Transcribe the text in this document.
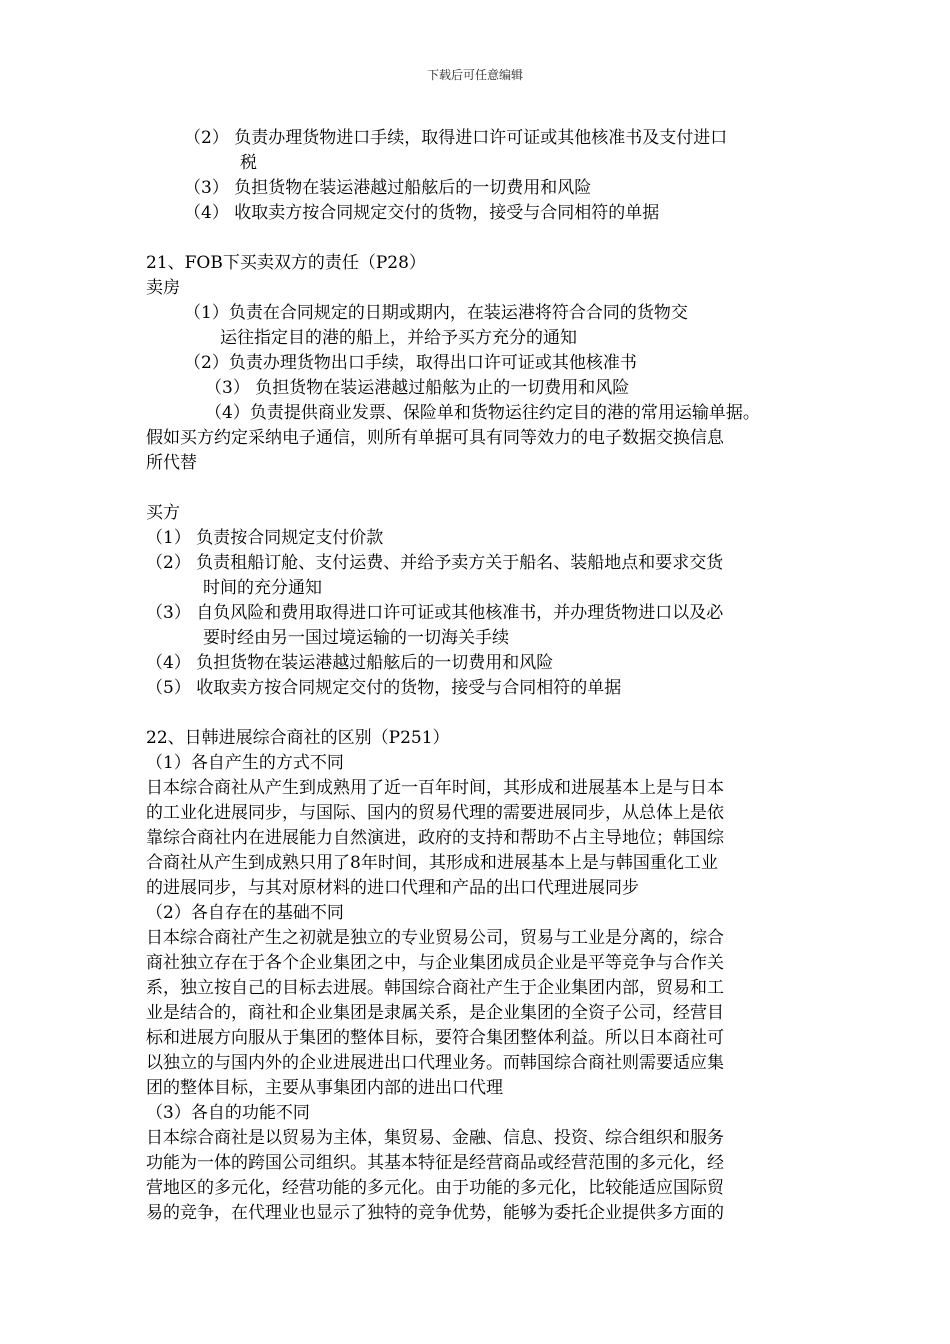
下载后可任意编辑
（2） 负责办理货物进口手续，取得进口许可证或其他核准书及支付进口
税
（3） 负担货物在装运港越过船舷后的一切费用和风险
（4） 收取卖方按合同规定交付的货物，接受与合同相符的单据
21、FOB下买卖双方的责任（P28）
卖房
（1）负责在合同规定的日期或期内，在装运港将符合合同的货物交
运往指定目的港的船上，并给予买方充分的通知
（2）负责办理货物出口手续，取得出口许可证或其他核准书
（3） 负担货物在装运港越过船舷为止的一切费用和风险
（4）负责提供商业发票、保险单和货物运往约定目的港的常用运输单据。
假如买方约定采纳电子通信，则所有单据可具有同等效力的电子数据交换信息
所代替
买方
（1） 负责按合同规定支付价款
（2） 负责租船订舱、支付运费、并给予卖方关于船名、装船地点和要求交货
时间的充分通知
（3） 自负风险和费用取得进口许可证或其他核准书，并办理货物进口以及必
要时经由另一国过境运输的一切海关手续
（4） 负担货物在装运港越过船舷后的一切费用和风险
（5） 收取卖方按合同规定交付的货物，接受与合同相符的单据
22、日韩进展综合商社的区别（P251）
（1）各自产生的方式不同
日本综合商社从产生到成熟用了近一百年时间，其形成和进展基本上是与日本
的工业化进展同步，与国际、国内的贸易代理的需要进展同步，从总体上是依
靠综合商社内在进展能力自然演进，政府的支持和帮助不占主导地位；韩国综
合商社从产生到成熟只用了8年时间，其形成和进展基本上是与韩国重化工业
的进展同步，与其对原材料的进口代理和产品的出口代理进展同步
（2）各自存在的基础不同
日本综合商社产生之初就是独立的专业贸易公司，贸易与工业是分离的，综合
商社独立存在于各个企业集团之中，与企业集团成员企业是平等竞争与合作关
系，独立按自己的目标去进展。韩国综合商社产生于企业集团内部，贸易和工
业是结合的，商社和企业集团是隶属关系，是企业集团的全资子公司，经营目
标和进展方向服从于集团的整体目标，要符合集团整体利益。所以日本商社可
以独立的与国内外的企业进展进出口代理业务。而韩国综合商社则需要适应集
团的整体目标，主要从事集团内部的进出口代理
（3）各自的功能不同
日本综合商社是以贸易为主体，集贸易、金融、信息、投资、综合组织和服务
功能为一体的跨国公司组织。其基本特征是经营商品或经营范围的多元化，经
营地区的多元化，经营功能的多元化。由于功能的多元化，比较能适应国际贸
易的竞争，在代理业也显示了独特的竞争优势，能够为委托企业提供多方面的
